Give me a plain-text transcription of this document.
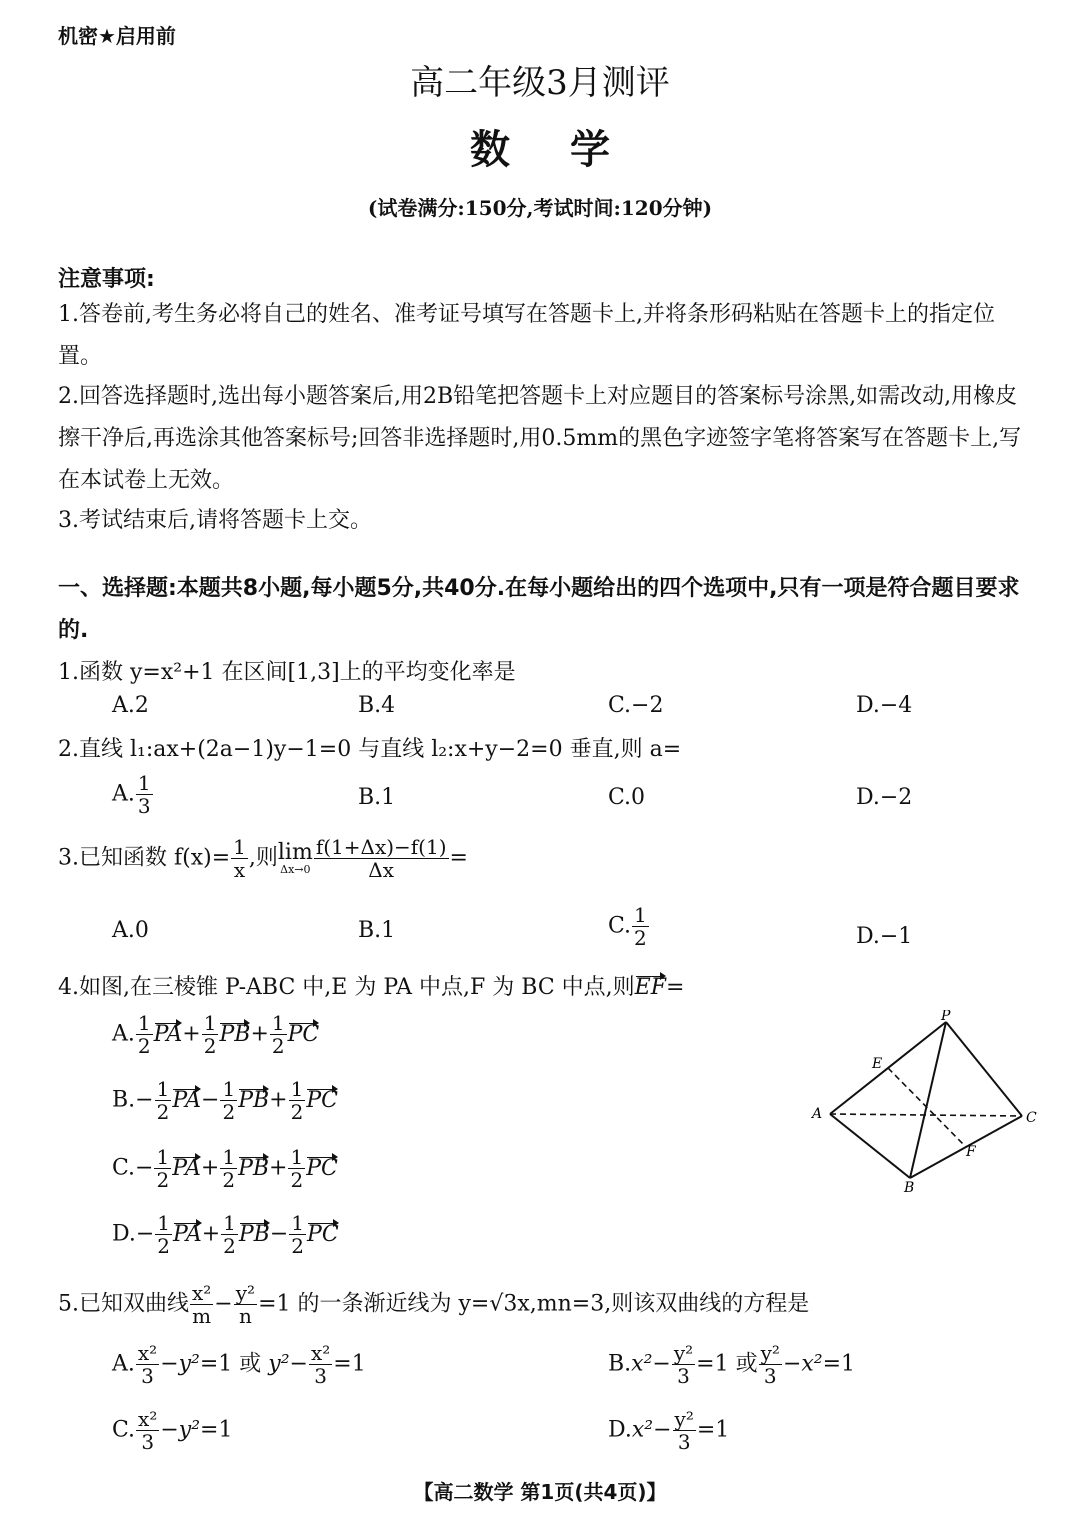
机密★启用前
高二年级3月测评
数学
(试卷满分:150分,考试时间:120分钟)
注意事项:
1.答卷前,考生务必将自己的姓名、准考证号填写在答题卡上,并将条形码粘贴在答题卡上的指定位置。
2.回答选择题时,选出每小题答案后,用2B铅笔把答题卡上对应题目的答案标号涂黑,如需改动,用橡皮擦干净后,再选涂其他答案标号;回答非选择题时,用0.5mm的黑色字迹签字笔将答案写在答题卡上,写在本试卷上无效。
3.考试结束后,请将答题卡上交。
一、选择题:本题共8小题,每小题5分,共40分.在每小题给出的四个选项中,只有一项是符合题目要求的.
1.函数 y=x²+1 在区间[1,3]上的平均变化率是
A.2	B.4	C.−2	D.−4
2.直线 l₁:ax+(2a−1)y−1=0 与直线 l₂:x+y−2=0 垂直,则 a=
A. $\frac{1}{3}$	B.1	C.0	D.−2
3.已知函数 $f(x)= \frac{1}{x}$ ,则 lim
$\Delta x\to 0 \frac{f(1+\Delta x)-f(1)}{\Delta x}$ =
A.0	B.1	C. $\frac{1}{2}$	D.−1
4.如图,在三棱锥 P-ABC 中,E 为 PA 中点,F 为 BC 中点,则EF=
A. $\frac{1}{2} PA+ \frac{1}{2} PB+ \frac{1}{2}$ PC
$B.- \frac{1}{2} PA- \frac{1}{2} PB+ \frac{1}{2}$ PC
$C.- \frac{1}{2} PA+ \frac{1}{2} PB+ \frac{1}{2}$ PC
$D.- \frac{1}{2} PA+ \frac{1}{2} PB- \frac{1}{2}$ PC
P
E
A	C
F
B
5.已知双曲线 $\frac{\text{x²}}{m} - \frac{\text{y²}}{n} =1$ 的一条渐近线为 y=√3x,mn=3,则该双曲线的方程是
A. $\frac{\text{x²}}{3} -y^2=1$ 或 $y^2- \frac{\text{x²}}{3} =1$	$B.x^2- \frac{\text{y²}}{3} =1$ 或 $\frac{\text{y²}}{3} -x^2=1$
C. $\frac{\text{x²}}{3} -y^2=1$	$D.x^2- \frac{\text{y²}}{3} =1$
【高二数学 第1页(共4页)】
